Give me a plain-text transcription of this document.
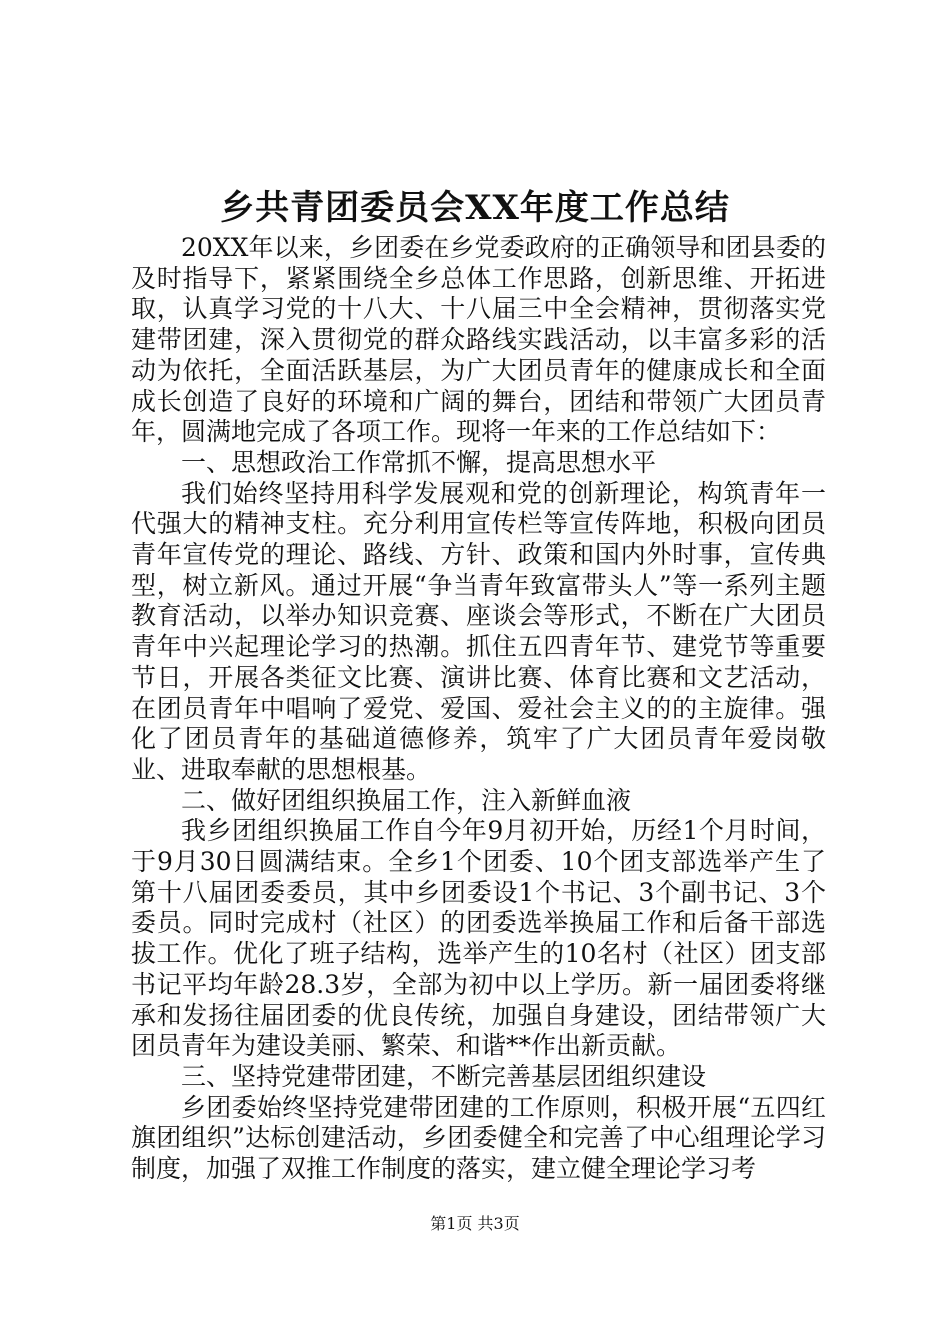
乡共青团委员会XX年度工作总结

20XX年以来，乡团委在乡党委政府的正确领导和团县委的及时指导下，紧紧围绕全乡总体工作思路，创新思维、开拓进取，认真学习党的十八大、十八届三中全会精神，贯彻落实党建带团建，深入贯彻党的群众路线实践活动，以丰富多彩的活动为依托，全面活跃基层，为广大团员青年的健康成长和全面成长创造了良好的环境和广阔的舞台，团结和带领广大团员青年，圆满地完成了各项工作。现将一年来的工作总结如下：

一、思想政治工作常抓不懈，提高思想水平

我们始终坚持用科学发展观和党的创新理论，构筑青年一代强大的精神支柱。充分利用宣传栏等宣传阵地，积极向团员青年宣传党的理论、路线、方针、政策和国内外时事，宣传典型，树立新风。通过开展“争当青年致富带头人”等一系列主题教育活动，以举办知识竞赛、座谈会等形式，不断在广大团员青年中兴起理论学习的热潮。抓住五四青年节、建党节等重要节日，开展各类征文比赛、演讲比赛、体育比赛和文艺活动，在团员青年中唱响了爱党、爱国、爱社会主义的的主旋律。强化了团员青年的基础道德修养，筑牢了广大团员青年爱岗敬业、进取奉献的思想根基。

二、做好团组织换届工作，注入新鲜血液

我乡团组织换届工作自今年9月初开始，历经1个月时间，于9月30日圆满结束。全乡1个团委、10个团支部选举产生了第十八届团委委员，其中乡团委设1个书记、3个副书记、3个委员。同时完成村（社区）的团委选举换届工作和后备干部选拔工作。优化了班子结构，选举产生的10名村（社区）团支部书记平均年龄28.3岁，全部为初中以上学历。新一届团委将继承和发扬往届团委的优良传统，加强自身建设，团结带领广大团员青年为建设美丽、繁荣、和谐**作出新贡献。

三、坚持党建带团建，不断完善基层团组织建设

乡团委始终坚持党建带团建的工作原则，积极开展“五四红旗团组织”达标创建活动，乡团委健全和完善了中心组理论学习制度，加强了双推工作制度的落实，建立健全理论学习考

第1页 共3页
